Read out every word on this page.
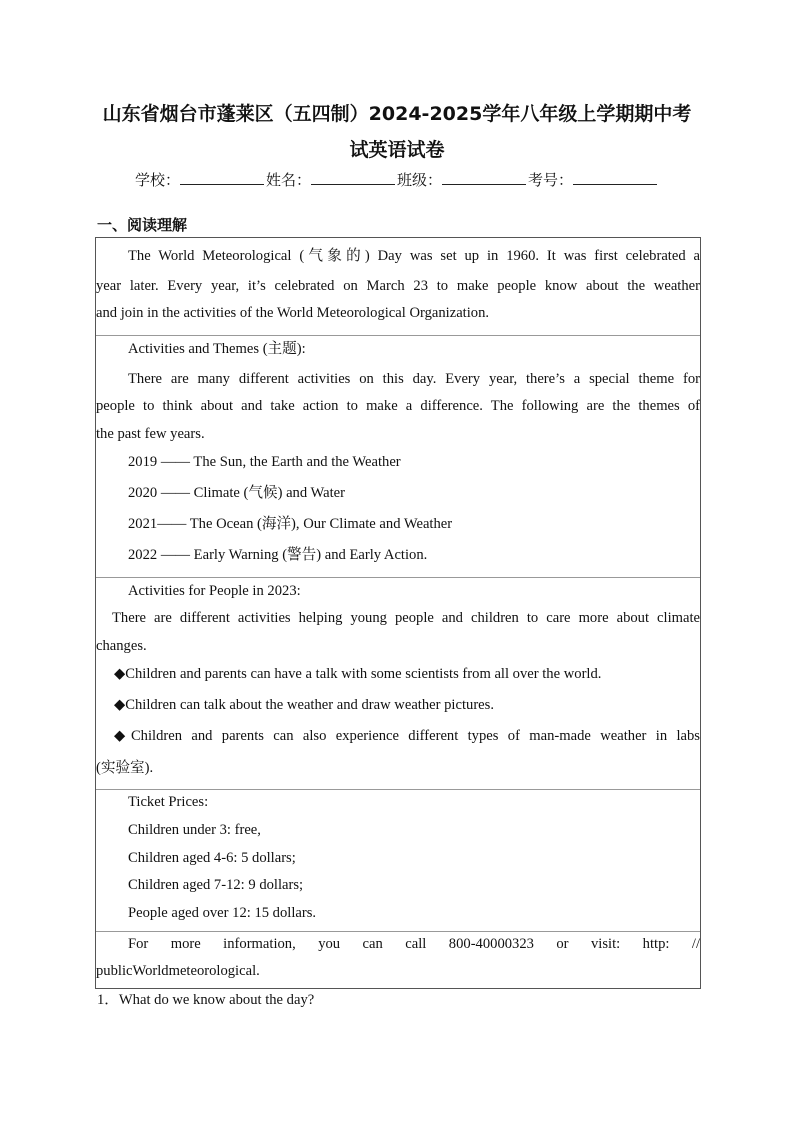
山东省烟台市蓬莱区（五四制）2024-2025学年八年级上学期期中考
试英语试卷
学校：	姓名：	班级：	考号：
一、阅读理解
The World Meteorological (气象的) Day was set up in 1960. It was first celebrated a
year later. Every year, it’s celebrated on March 23 to make people know about the weather
and join in the activities of the World Meteorological Organization.
Activities and Themes (主题):
There are many different activities on this day. Every year, there’s a special theme for
people to think about and take action to make a difference. The following are the themes of
the past few years.
2019 —— The Sun, the Earth and the Weather
2020 —— Climate (气候) and Water
2021—— The Ocean (海洋), Our Climate and Weather
2022 —— Early Warning (警告) and Early Action.
Activities for People in 2023:
There are different activities helping young people and children to care more about climate
changes.
◆Children and parents can have a talk with some scientists from all over the world.
◆Children can talk about the weather and draw weather pictures.
◆Children and parents can also experience different types of man-made weather in labs
(实验室).
Ticket Prices:
Children under 3: free,
Children aged 4-6: 5 dollars;
Children aged 7-12: 9 dollars;
People aged over 12: 15 dollars.
For more information, you can call 800-40000323 or visit: http: //
publicWorldmeteorological.
1．What do we know about the day?
